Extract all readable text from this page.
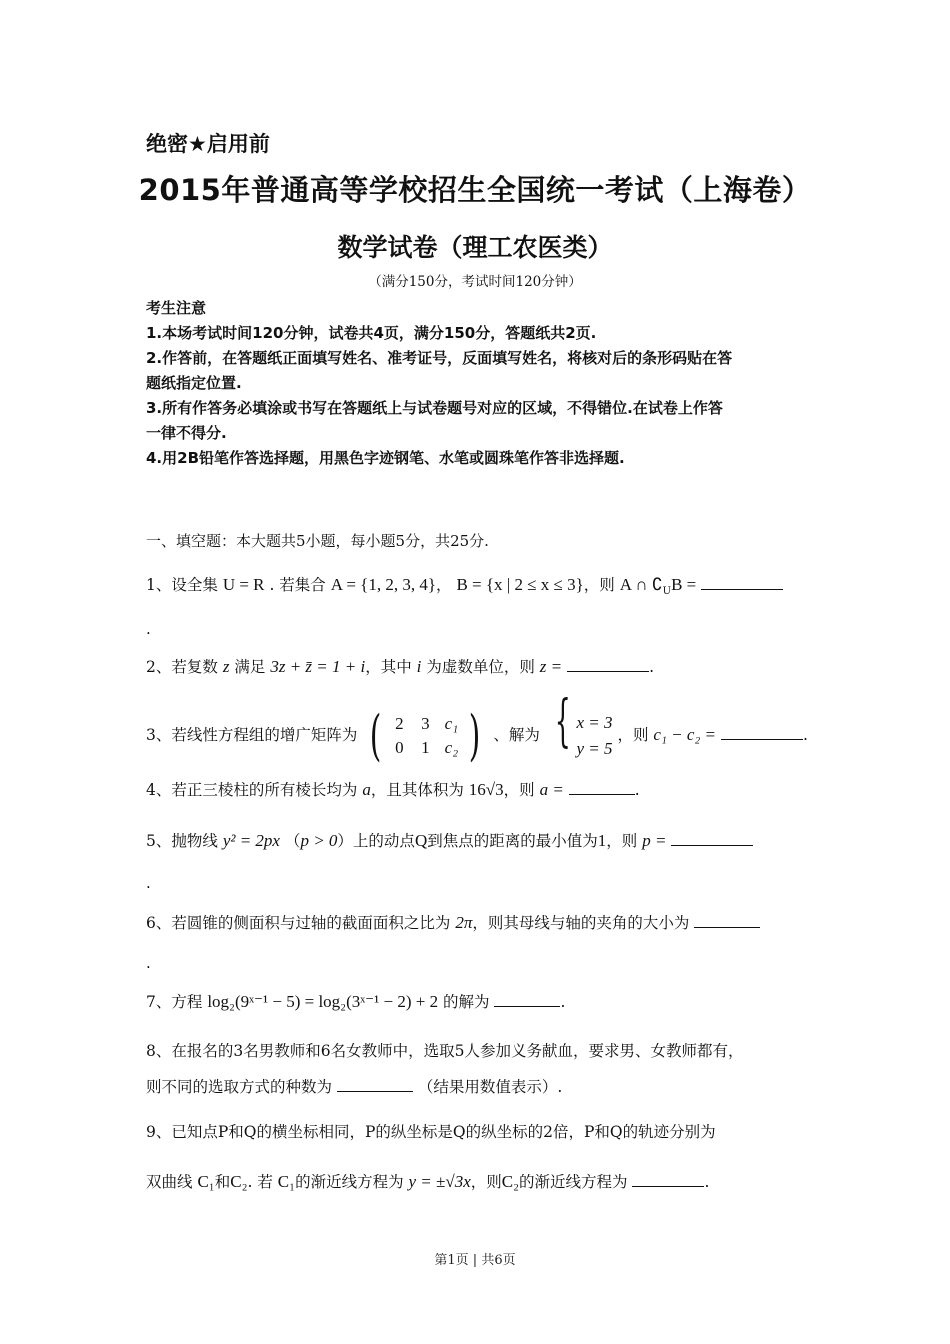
绝密★启用前
2015年普通高等学校招生全国统一考试（上海卷）
数学试卷（理工农医类）
（满分150分，考试时间120分钟）
考生注意
1.本场考试时间120分钟，试卷共4页，满分150分，答题纸共2页.
2.作答前，在答题纸正面填写姓名、准考证号，反面填写姓名，将核对后的条形码贴在答
题纸指定位置.
3.所有作答务必填涂或书写在答题纸上与试卷题号对应的区域，不得错位.在试卷上作答
一律不得分.
4.用2B铅笔作答选择题，用黑色字迹钢笔、水笔或圆珠笔作答非选择题.
一、填空题：本大题共5小题，每小题5分，共25分.
1、设全集 U = R . 若集合 A = {1, 2, 3, 4}， B = {x | 2 ≤ x ≤ 3}，则 A ∩ $∁_UB$ =
.
2、若复数 z 满足 3z + z̄ = 1 + i，其中 i 为虚数单位，则 z =	.
3、若线性方程组的增广矩阵为 ( 2	3 c₁
0	1 c₂ ) 、解为 { x = 3
y = 5
，则 c₁ − c₂ =	.
4、若正三棱柱的所有棱长均为 a，且其体积为 16√3，则 a =	.
5、抛物线 y² = 2px （p > 0）上的动点Q到焦点的距离的最小值为1，则 p =
.
6、若圆锥的侧面积与过轴的截面面积之比为 2π，则其母线与轴的夹角的大小为
.
7、方程 log₂(9ˣ⁻¹ − 5) = log₂(3ˣ⁻¹ − 2) + 2 的解为	.
8、在报名的3名男教师和6名女教师中，选取5人参加义务献血，要求男、女教师都有，
则不同的选取方式的种数为	（结果用数值表示）.
9、已知点P和Q的横坐标相同，P的纵坐标是Q的纵坐标的2倍，P和Q的轨迹分别为
双曲线 C₁和C₂. 若 C₁的渐近线方程为 y = ±√3x，则C₂的渐近线方程为	.
第1页 | 共6页
